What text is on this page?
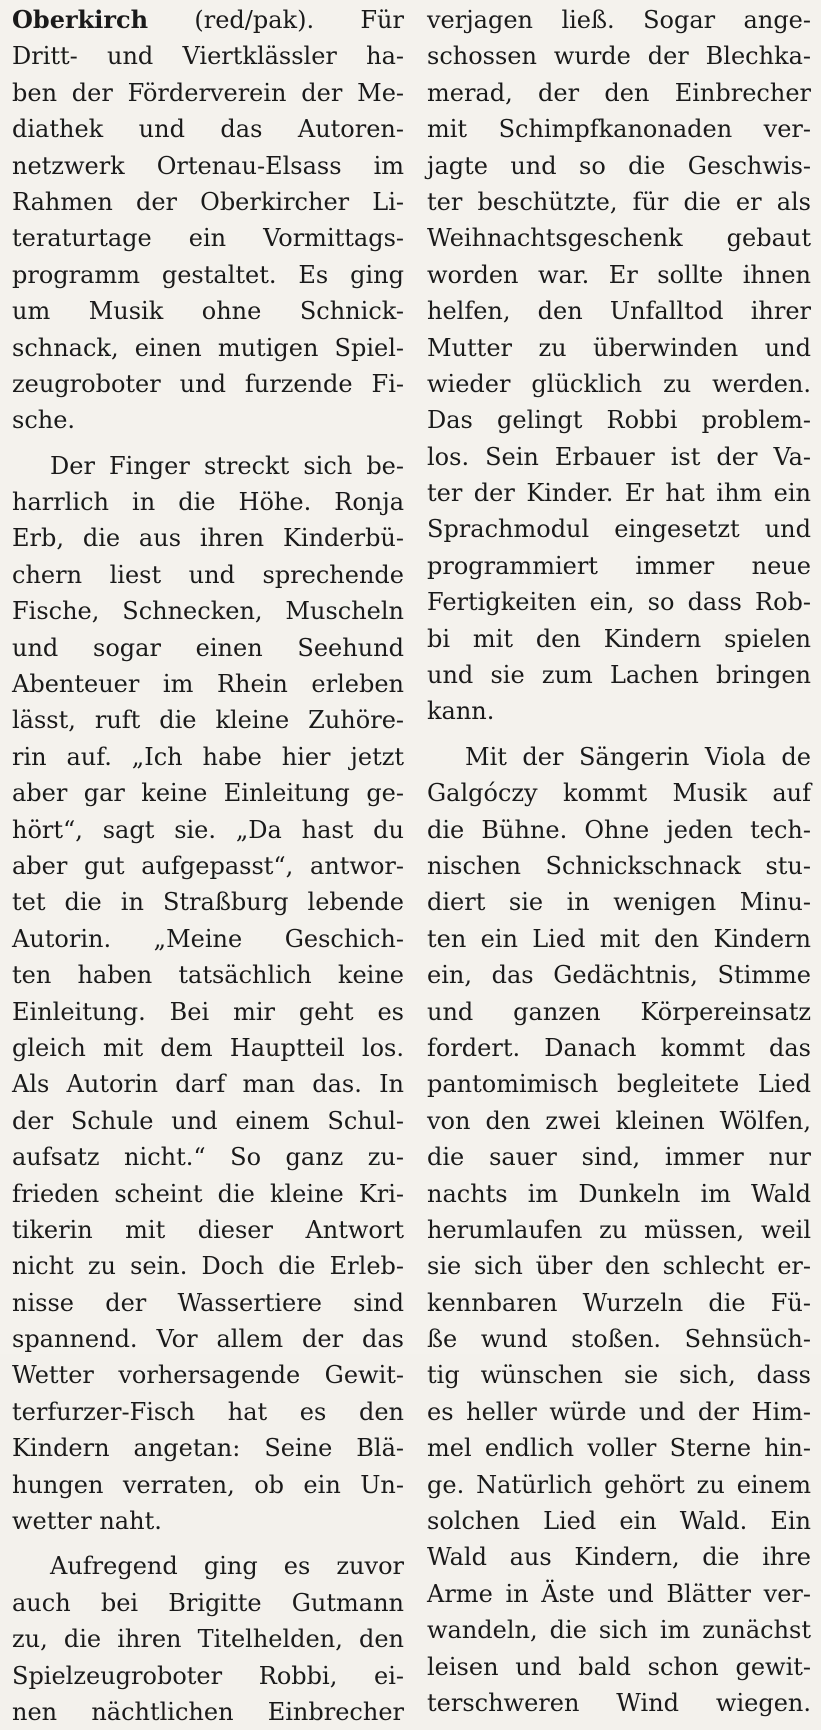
Oberkirch (red/pak). Für
Dritt- und Viertklässler ha-
ben der Förderverein der Me-
diathek und das Autoren-
netzwerk Ortenau-Elsass im
Rahmen der Oberkircher Li-
teraturtage ein Vormittags-
programm gestaltet. Es ging
um Musik ohne Schnick-
schnack, einen mutigen Spiel-
zeugroboter und furzende Fi-
sche.
Der Finger streckt sich be-
harrlich in die Höhe. Ronja
Erb, die aus ihren Kinderbü-
chern liest und sprechende
Fische, Schnecken, Muscheln
und sogar einen Seehund
Abenteuer im Rhein erleben
lässt, ruft die kleine Zuhöre-
rin auf. „Ich habe hier jetzt
aber gar keine Einleitung ge-
hört“, sagt sie. „Da hast du
aber gut aufgepasst“, antwor-
tet die in Straßburg lebende
Autorin. „Meine Geschich-
ten haben tatsächlich keine
Einleitung. Bei mir geht es
gleich mit dem Hauptteil los.
Als Autorin darf man das. In
der Schule und einem Schul-
aufsatz nicht.“ So ganz zu-
frieden scheint die kleine Kri-
tikerin mit dieser Antwort
nicht zu sein. Doch die Erleb-
nisse der Wassertiere sind
spannend. Vor allem der das
Wetter vorhersagende Gewit-
terfurzer-Fisch hat es den
Kindern angetan: Seine Blä-
hungen verraten, ob ein Un-
wetter naht.
Aufregend ging es zuvor
auch bei Brigitte Gutmann
zu, die ihren Titelhelden, den
Spielzeugroboter Robbi, ei-
nen nächtlichen Einbrecher
verjagen ließ. Sogar ange-
schossen wurde der Blechka-
merad, der den Einbrecher
mit Schimpfkanonaden ver-
jagte und so die Geschwis-
ter beschützte, für die er als
Weihnachtsgeschenk gebaut
worden war. Er sollte ihnen
helfen, den Unfalltod ihrer
Mutter zu überwinden und
wieder glücklich zu werden.
Das gelingt Robbi problem-
los. Sein Erbauer ist der Va-
ter der Kinder. Er hat ihm ein
Sprachmodul eingesetzt und
programmiert immer neue
Fertigkeiten ein, so dass Rob-
bi mit den Kindern spielen
und sie zum Lachen bringen
kann.
Mit der Sängerin Viola de
Galgóczy kommt Musik auf
die Bühne. Ohne jeden tech-
nischen Schnickschnack stu-
diert sie in wenigen Minu-
ten ein Lied mit den Kindern
ein, das Gedächtnis, Stimme
und ganzen Körpereinsatz
fordert. Danach kommt das
pantomimisch begleitete Lied
von den zwei kleinen Wölfen,
die sauer sind, immer nur
nachts im Dunkeln im Wald
herumlaufen zu müssen, weil
sie sich über den schlecht er-
kennbaren Wurzeln die Fü-
ße wund stoßen. Sehnsüch-
tig wünschen sie sich, dass
es heller würde und der Him-
mel endlich voller Sterne hin-
ge. Natürlich gehört zu einem
solchen Lied ein Wald. Ein
Wald aus Kindern, die ihre
Arme in Äste und Blätter ver-
wandeln, die sich im zunächst
leisen und bald schon gewit-
terschweren Wind wiegen.
